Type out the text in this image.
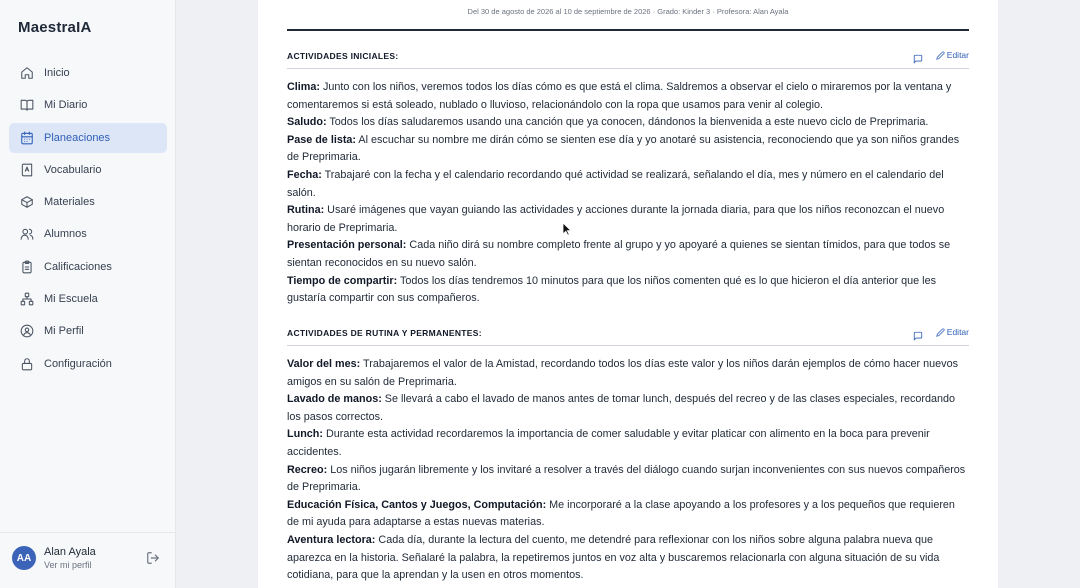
MaestraIA
Inicio
Mi Diario
Planeaciones
Vocabulario
Materiales
Alumnos
Calificaciones
Mi Escuela
Mi Perfil
Configuración
AA	Alan Ayala
Ver mi perfil
Del 30 de agosto de 2026 al 10 de septiembre de 2026 · Grado: Kinder 3 · Profesora: Alan Ayala
ACTIVIDADES INICIALES:	Editar
Clima: Junto con los niños, veremos todos los días cómo es que está el clima. Saldremos a observar el cielo o miraremos por la ventana y comentaremos si está soleado, nublado o lluvioso, relacionándolo con la ropa que usamos para venir al colegio.
Saludo: Todos los días saludaremos usando una canción que ya conocen, dándonos la bienvenida a este nuevo ciclo de Preprimaria.
Pase de lista: Al escuchar su nombre me dirán cómo se sienten ese día y yo anotaré su asistencia, reconociendo que ya son niños grandes de Preprimaria.
Fecha: Trabajaré con la fecha y el calendario recordando qué actividad se realizará, señalando el día, mes y número en el calendario del salón.
Rutina: Usaré imágenes que vayan guiando las actividades y acciones durante la jornada diaria, para que los niños reconozcan el nuevo horario de Preprimaria.
Presentación personal: Cada niño dirá su nombre completo frente al grupo y yo apoyaré a quienes se sientan tímidos, para que todos se sientan reconocidos en su nuevo salón.
Tiempo de compartir: Todos los días tendremos 10 minutos para que los niños comenten qué es lo que hicieron el día anterior que les gustaría compartir con sus compañeros.
ACTIVIDADES DE RUTINA Y PERMANENTES:	Editar
Valor del mes: Trabajaremos el valor de la Amistad, recordando todos los días este valor y los niños darán ejemplos de cómo hacer nuevos amigos en su salón de Preprimaria.
Lavado de manos: Se llevará a cabo el lavado de manos antes de tomar lunch, después del recreo y de las clases especiales, recordando los pasos correctos.
Lunch: Durante esta actividad recordaremos la importancia de comer saludable y evitar platicar con alimento en la boca para prevenir accidentes.
Recreo: Los niños jugarán libremente y los invitaré a resolver a través del diálogo cuando surjan inconvenientes con sus nuevos compañeros de Preprimaria.
Educación Física, Cantos y Juegos, Computación: Me incorporaré a la clase apoyando a los profesores y a los pequeños que requieren de mi ayuda para adaptarse a estas nuevas materias.
Aventura lectora: Cada día, durante la lectura del cuento, me detendré para reflexionar con los niños sobre alguna palabra nueva que aparezca en la historia. Señalaré la palabra, la repetiremos juntos en voz alta y buscaremos relacionarla con alguna situación de su vida cotidiana, para que la aprendan y la usen en otros momentos.
